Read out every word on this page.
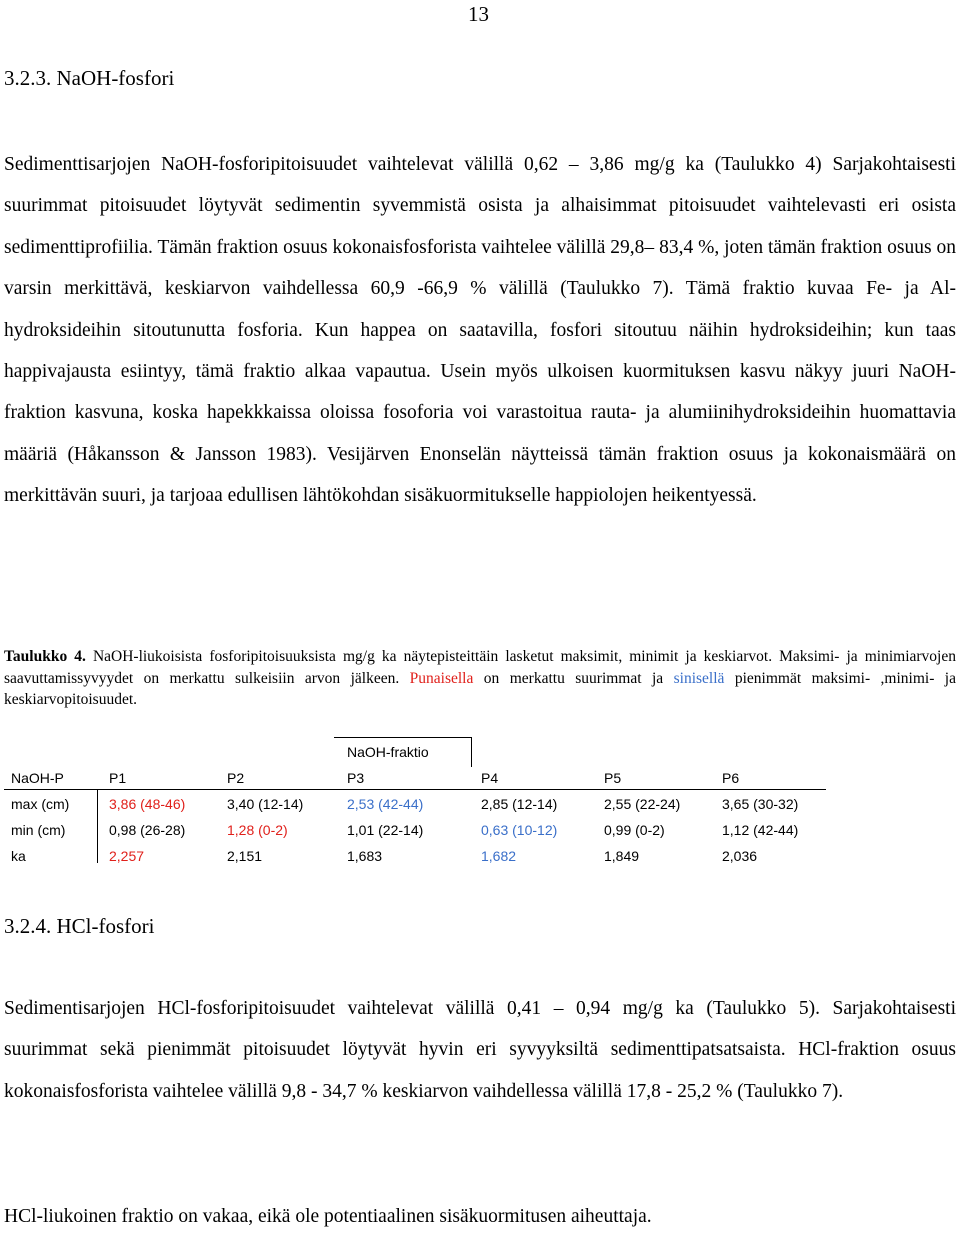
13
3.2.3. NaOH-fosfori

Sedimenttisarjojen NaOH-fosforipitoisuudet vaihtelevat välillä 0,62 – 3,86 mg/g ka (Taulukko 4) Sarjakohtaisesti suurimmat pitoisuudet löytyvät sedimentin syvemmistä osista ja alhaisimmat pitoisuudet vaihtelevasti eri osista sedimenttiprofiilia. Tämän fraktion osuus kokonaisfosforista vaihtelee välillä 29,8– 83,4 %, joten tämän fraktion osuus on varsin merkittävä, keskiarvon vaihdellessa 60,9 -66,9 % välillä (Taulukko 7). Tämä fraktio kuvaa Fe- ja Al-hydroksideihin sitoutunutta fosforia. Kun happea on saatavilla, fosfori sitoutuu näihin hydroksideihin; kun taas happivajausta esiintyy, tämä fraktio alkaa vapautua. Usein myös ulkoisen kuormituksen kasvu näkyy juuri NaOH-fraktion kasvuna, koska hapekkkaissa oloissa fosoforia voi varastoitua rauta- ja alumiinihydroksideihin huomattavia määriä (Håkansson & Jansson 1983). Vesijärven Enonselän näytteissä tämän fraktion osuus ja kokonaismäärä on merkittävän suuri, ja tarjoaa edullisen lähtökohdan sisäkuormitukselle happiolojen heikentyessä.

Taulukko 4. NaOH-liukoisista fosforipitoisuuksista mg/g ka näytepisteittäin lasketut maksimit, minimit ja keskiarvot. Maksimi- ja minimiarvojen saavuttamissyvyydet on merkattu sulkeisiin arvon jälkeen. Punaisella on merkattu suurimmat ja sinisellä pienimmät maksimi- ,minimi- ja keskiarvopitoisuudet.

NaOH-fraktio
NaOH-P	P1	P2	P3	P4	P5	P6
max (cm)	3,86 (48-46)	3,40 (12-14)	2,53 (42-44)	2,85 (12-14)	2,55 (22-24)	3,65 (30-32)
min (cm)	0,98 (26-28)	1,28 (0-2)	1,01 (22-14)	0,63 (10-12)	0,99 (0-2)	1,12 (42-44)
ka	2,257	2,151	1,683	1,682	1,849	2,036
3.2.4. HCl-fosfori

Sedimentisarjojen HCl-fosforipitoisuudet vaihtelevat välillä 0,41 – 0,94 mg/g ka (Taulukko 5). Sarjakohtaisesti suurimmat sekä pienimmät pitoisuudet löytyvät hyvin eri syvyyksiltä sedimenttipatsatsaista. HCl-fraktion osuus kokonaisfosforista vaihtelee välillä 9,8 - 34,7 % keskiarvon vaihdellessa välillä 17,8 - 25,2 % (Taulukko 7).

HCl-liukoinen fraktio on vakaa, eikä ole potentiaalinen sisäkuormitusen aiheuttaja.
